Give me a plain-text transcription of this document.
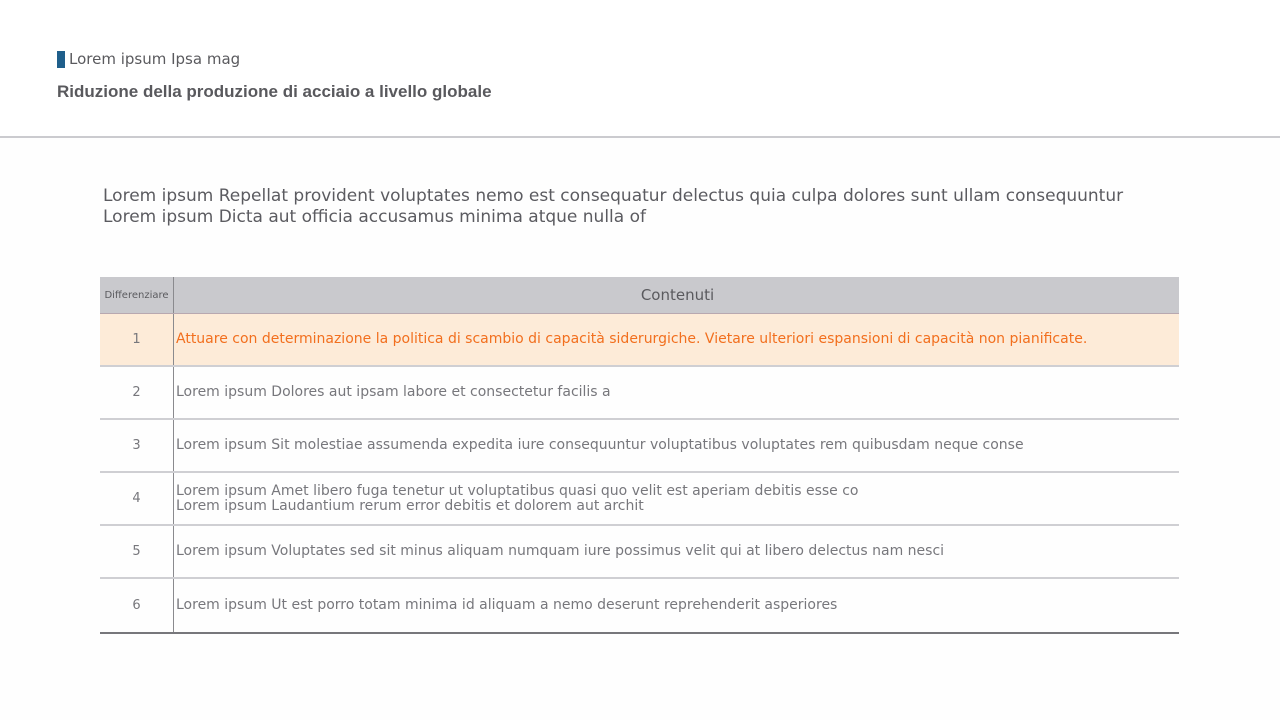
Lorem ipsum Ipsa mag
Riduzione della produzione di acciaio a livello globale
Lorem ipsum Repellat provident voluptates nemo est consequatur delectus quia culpa dolores sunt ullam consequuntur
Lorem ipsum Dicta aut officia accusamus minima atque nulla of
Differenziare	Contenuti
1	Attuare con determinazione la politica di scambio di capacità siderurgiche. Vietare ulteriori espansioni di capacità non pianificate.
2	Lorem ipsum Dolores aut ipsam labore et consectetur facilis a
3	Lorem ipsum Sit molestiae assumenda expedita iure consequuntur voluptatibus voluptates rem quibusdam neque conse
4	Lorem ipsum Amet libero fuga tenetur ut voluptatibus quasi quo velit est aperiam debitis esse co
Lorem ipsum Laudantium rerum error debitis et dolorem aut archit
5	Lorem ipsum Voluptates sed sit minus aliquam numquam iure possimus velit qui at libero delectus nam nesci
6	Lorem ipsum Ut est porro totam minima id aliquam a nemo deserunt reprehenderit asperiores
